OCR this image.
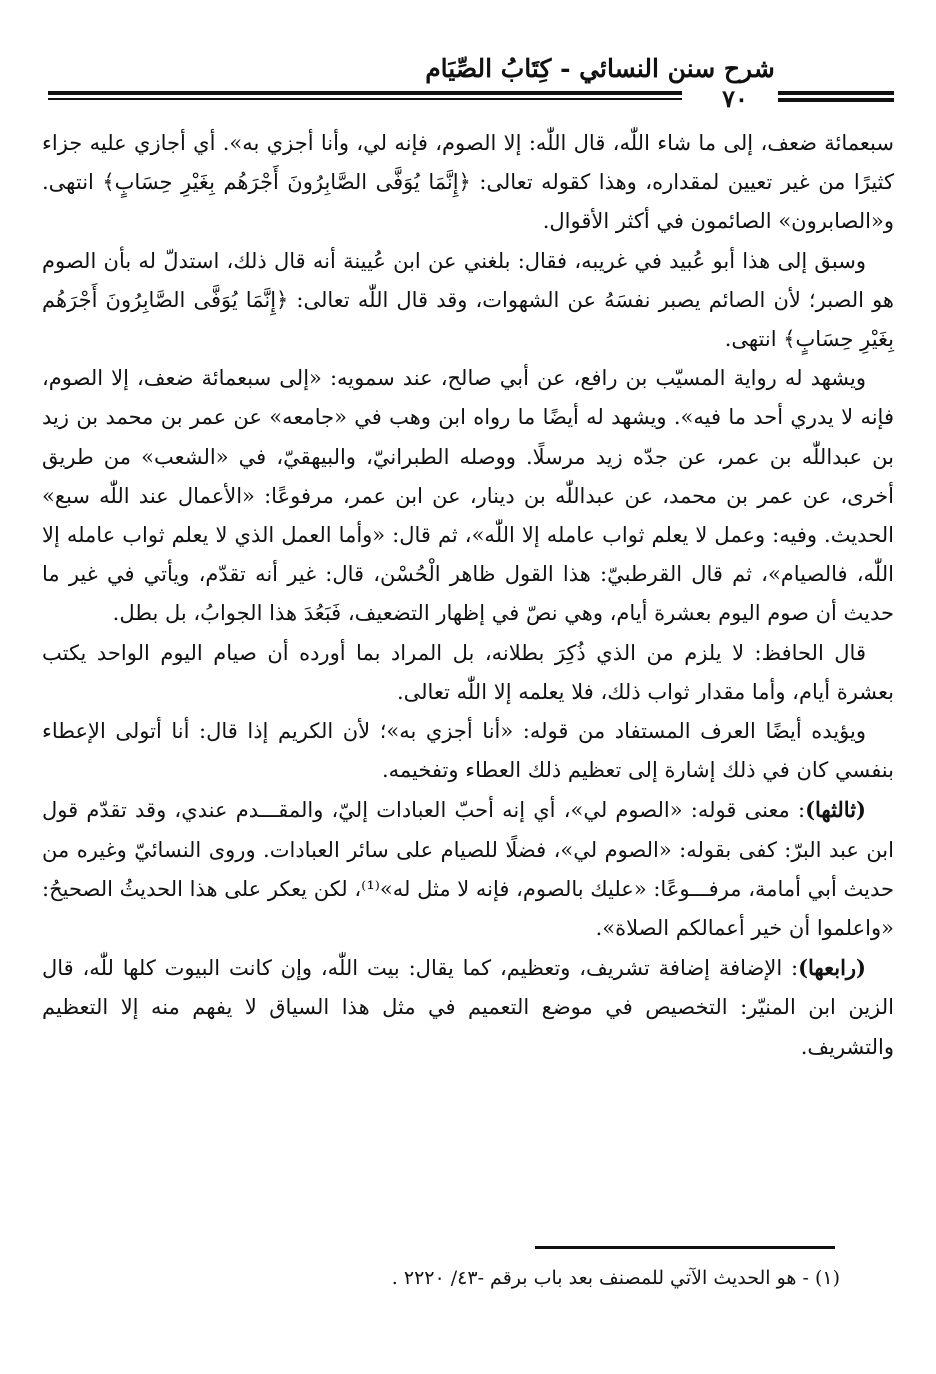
شرح سنن النسائي - كِتَابُ الصِّيَام
٧٠

سبعمائة ضعف، إلى ما شاء اللّٰه، قال اللّٰه: إلا الصوم، فإنه لي، وأنا أجزي به». أي أجازي عليه جزاء كثيرًا من غير تعيين لمقداره، وهذا كقوله تعالى: ﴿إِنَّمَا يُوَفَّى الصَّابِرُونَ أَجْرَهُم بِغَيْرِ حِسَابٍ﴾ انتهى. و«الصابرون» الصائمون في أكثر الأقوال.

وسبق إلى هذا أبو عُبيد في غريبه، فقال: بلغني عن ابن عُيينة أنه قال ذلك، استدلّ له بأن الصوم هو الصبر؛ لأن الصائم يصبر نفسَهُ عن الشهوات، وقد قال اللّٰه تعالى: ﴿إِنَّمَا يُوَفَّى الصَّابِرُونَ أَجْرَهُم بِغَيْرِ حِسَابٍ﴾ انتهى.

ويشهد له رواية المسيّب بن رافع، عن أبي صالح، عند سمويه: «إلى سبعمائة ضعف، إلا الصوم، فإنه لا يدري أحد ما فيه». ويشهد له أيضًا ما رواه ابن وهب في «جامعه» عن عمر بن محمد بن زيد بن عبداللّٰه بن عمر، عن جدّه زيد مرسلًا. ووصله الطبرانيّ، والبيهقيّ، في «الشعب» من طريق أخرى، عن عمر بن محمد، عن عبداللّٰه بن دينار، عن ابن عمر، مرفوعًا: «الأعمال عند اللّٰه سبع» الحديث. وفيه: وعمل لا يعلم ثواب عامله إلا اللّٰه»، ثم قال: «وأما العمل الذي لا يعلم ثواب عامله إلا اللّٰه، فالصيام»، ثم قال القرطبيّ: هذا القول ظاهر الْحُسْن، قال: غير أنه تقدّم، ويأتي في غير ما حديث أن صوم اليوم بعشرة أيام، وهي نصّ في إظهار التضعيف، فَبَعُدَ هذا الجوابُ، بل بطل.

قال الحافظ: لا يلزم من الذي ذُكِرَ بطلانه، بل المراد بما أورده أن صيام اليوم الواحد يكتب بعشرة أيام، وأما مقدار ثواب ذلك، فلا يعلمه إلا اللّٰه تعالى.

ويؤيده أيضًا العرف المستفاد من قوله: «أنا أجزي به»؛ لأن الكريم إذا قال: أنا أتولى الإعطاء بنفسي كان في ذلك إشارة إلى تعظيم ذلك العطاء وتفخيمه.

(ثالثها): معنى قوله: «الصوم لي»، أي إنه أحبّ العبادات إليّ، والمقـــدم عندي، وقد تقدّم قول ابن عبد البرّ: كفى بقوله: «الصوم لي»، فضلًا للصيام على سائر العبادات. وروى النسائيّ وغيره من حديث أبي أمامة، مرفـــوعًا: «عليك بالصوم، فإنه لا مثل له»⁽¹⁾، لكن يعكر على هذا الحديثُ الصحيحُ: «واعلموا أن خير أعمالكم الصلاة».

(رابعها): الإضافة إضافة تشريف، وتعظيم، كما يقال: بيت اللّٰه، وإن كانت البيوت كلها للّٰه، قال الزين ابن المنيّر: التخصيص في موضع التعميم في مثل هذا السياق لا يفهم منه إلا التعظيم والتشريف.

(١) - هو الحديث الآتي للمصنف بعد باب برقم -٤٣/ ٢٢٢٠ .
